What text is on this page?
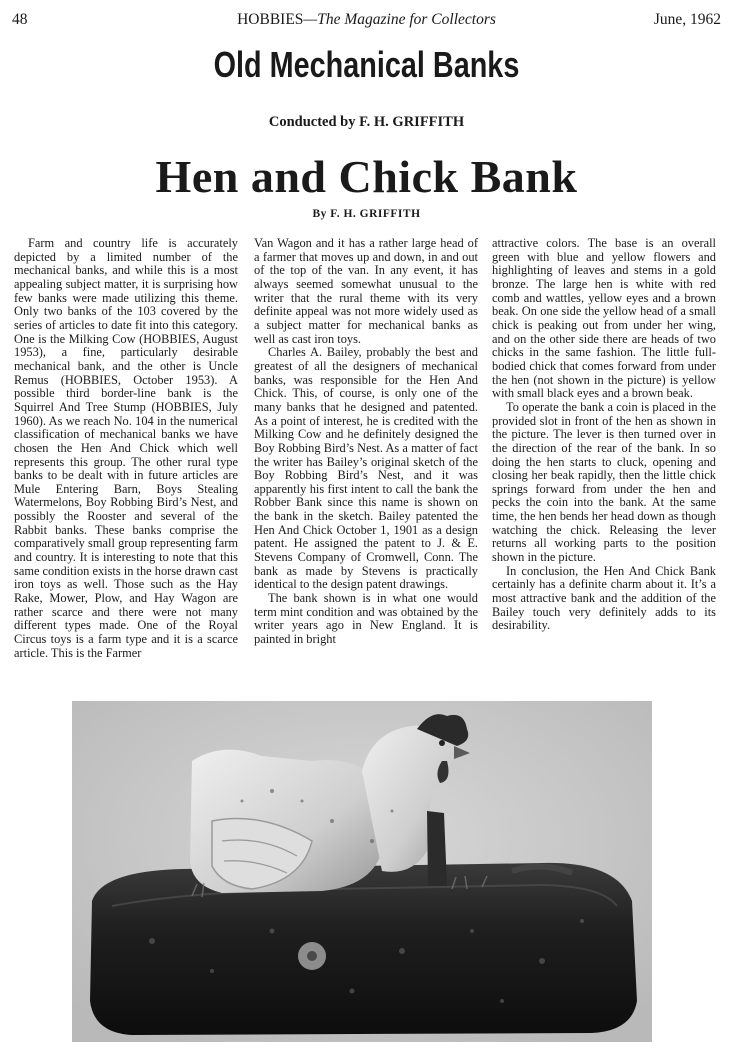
48	HOBBIES—The Magazine for Collectors	June, 1962
Old Mechanical Banks
Conducted by F. H. GRIFFITH
Hen and Chick Bank
By F. H. GRIFFITH

Farm and country life is accurately depicted by a limited number of the mechanical banks, and while this is a most appealing subject matter, it is surprising how few banks were made utilizing this theme. Only two banks of the 103 covered by the series of articles to date fit into this category. One is the Milking Cow (HOBBIES, August 1953), a fine, particularly desirable mechanical bank, and the other is Uncle Remus (HOBBIES, October 1953). A possible third border-line bank is the Squirrel And Tree Stump (HOBBIES, July 1960). As we reach No. 104 in the numerical classification of mechanical banks we have chosen the Hen And Chick which well represents this group. The other rural type banks to be dealt with in future articles are Mule Entering Barn, Boys Stealing Watermelons, Boy Robbing Bird’s Nest, and possibly the Rooster and several of the Rabbit banks. These banks comprise the comparatively small group representing farm and country. It is interesting to note that this same condition exists in the horse drawn cast iron toys as well. Those such as the Hay Rake, Mower, Plow, and Hay Wagon are rather scarce and there were not many different types made. One of the Royal Circus toys is a farm type and it is a scarce article. This is the Farmer

Van Wagon and it has a rather large head of a farmer that moves up and down, in and out of the top of the van. In any event, it has always seemed somewhat unusual to the writer that the rural theme with its very definite appeal was not more widely used as a subject matter for mechanical banks as well as cast iron toys.

Charles A. Bailey, probably the best and greatest of all the designers of mechanical banks, was responsible for the Hen And Chick. This, of course, is only one of the many banks that he designed and patented. As a point of interest, he is credited with the Milking Cow and he definitely designed the Boy Robbing Bird’s Nest. As a matter of fact the writer has Bailey’s original sketch of the Boy Robbing Bird’s Nest, and it was apparently his first intent to call the bank the Robber Bank since this name is shown on the bank in the sketch. Bailey patented the Hen And Chick October 1, 1901 as a design patent. He assigned the patent to J. & E. Stevens Company of Cromwell, Conn. The bank as made by Stevens is practically identical to the design patent drawings.

The bank shown is in what one would term mint condition and was obtained by the writer years ago in New England. It is painted in bright

attractive colors. The base is an overall green with blue and yellow flowers and highlighting of leaves and stems in a gold bronze. The large hen is white with red comb and wattles, yellow eyes and a brown beak. On one side the yellow head of a small chick is peaking out from under her wing, and on the other side there are heads of two chicks in the same fashion. The little full-bodied chick that comes forward from under the hen (not shown in the picture) is yellow with small black eyes and a brown beak.

To operate the bank a coin is placed in the provided slot in front of the hen as shown in the picture. The lever is then turned over in the direction of the rear of the bank. In so doing the hen starts to cluck, opening and closing her beak rapidly, then the little chick springs forward from under the hen and pecks the coin into the bank. At the same time, the hen bends her head down as though watching the chick. Releasing the lever returns all working parts to the position shown in the picture.

In conclusion, the Hen And Chick Bank certainly has a definite charm about it. It’s a most attractive bank and the addition of the Bailey touch very definitely adds to its desirability.
